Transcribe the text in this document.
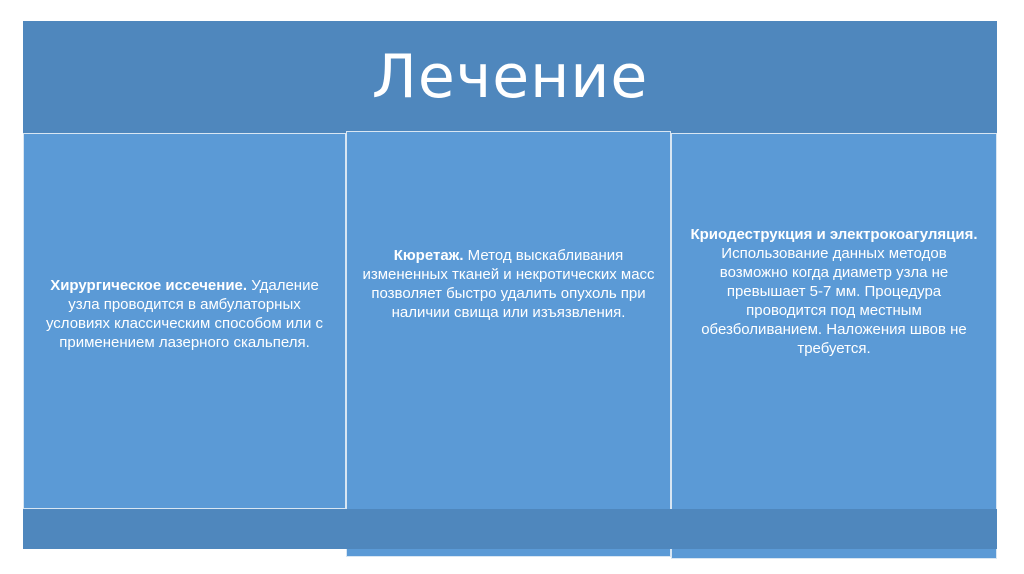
Лечение
Хирургическое иссечение. Удаление узла проводится в амбулаторных условиях классическим способом или с применением лазерного скальпеля.
Кюретаж. Метод выскабливания измененных тканей и некротических масс позволяет быстро удалить опухоль при наличии свища или изъязвления.
Криодеструкция и электрокоагуляция. Использование данных методов возможно когда диаметр узла не превышает 5-7 мм. Процедура проводится под местным обезболиванием. Наложения швов не требуется.
